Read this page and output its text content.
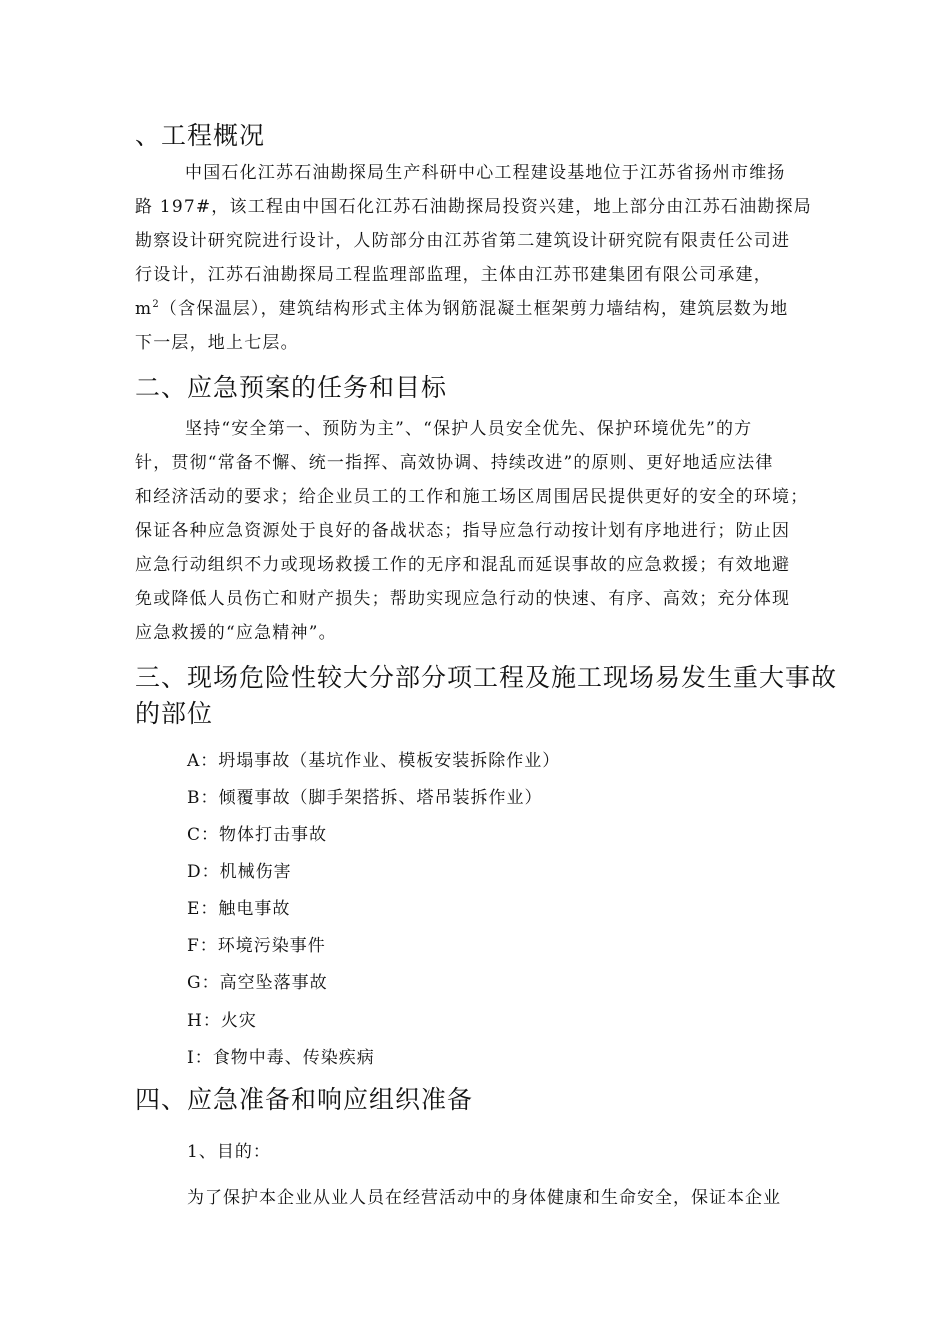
、工程概况
中国石化江苏石油勘探局生产科研中心工程建设基地位于江苏省扬州市维扬
路 197#，该工程由中国石化江苏石油勘探局投资兴建，地上部分由江苏石油勘探局
勘察设计研究院进行设计，人防部分由江苏省第二建筑设计研究院有限责任公司进
行设计，江苏石油勘探局工程监理部监理，主体由江苏邗建集团有限公司承建，
$m^2$（含保温层），建筑结构形式主体为钢筋混凝土框架剪力墙结构，建筑层数为地
下一层，地上七层。
二、应急预案的任务和目标
坚持“安全第一、预防为主”、“保护人员安全优先、保护环境优先”的方
针，贯彻“常备不懈、统一指挥、高效协调、持续改进”的原则、更好地适应法律
和经济活动的要求；给企业员工的工作和施工场区周围居民提供更好的安全的环境；
保证各种应急资源处于良好的备战状态；指导应急行动按计划有序地进行；防止因
应急行动组织不力或现场救援工作的无序和混乱而延误事故的应急救援；有效地避
免或降低人员伤亡和财产损失；帮助实现应急行动的快速、有序、高效；充分体现
应急救援的“应急精神”。
三、现场危险性较大分部分项工程及施工现场易发生重大事故
的部位
A：坍塌事故（基坑作业、模板安装拆除作业）
B：倾覆事故（脚手架搭拆、塔吊装拆作业）
C：物体打击事故
D：机械伤害
E：触电事故
F：环境污染事件
G：高空坠落事故
H：火灾
I：食物中毒、传染疾病
四、应急准备和响应组织准备
1、目的：
为了保护本企业从业人员在经营活动中的身体健康和生命安全，保证本企业
